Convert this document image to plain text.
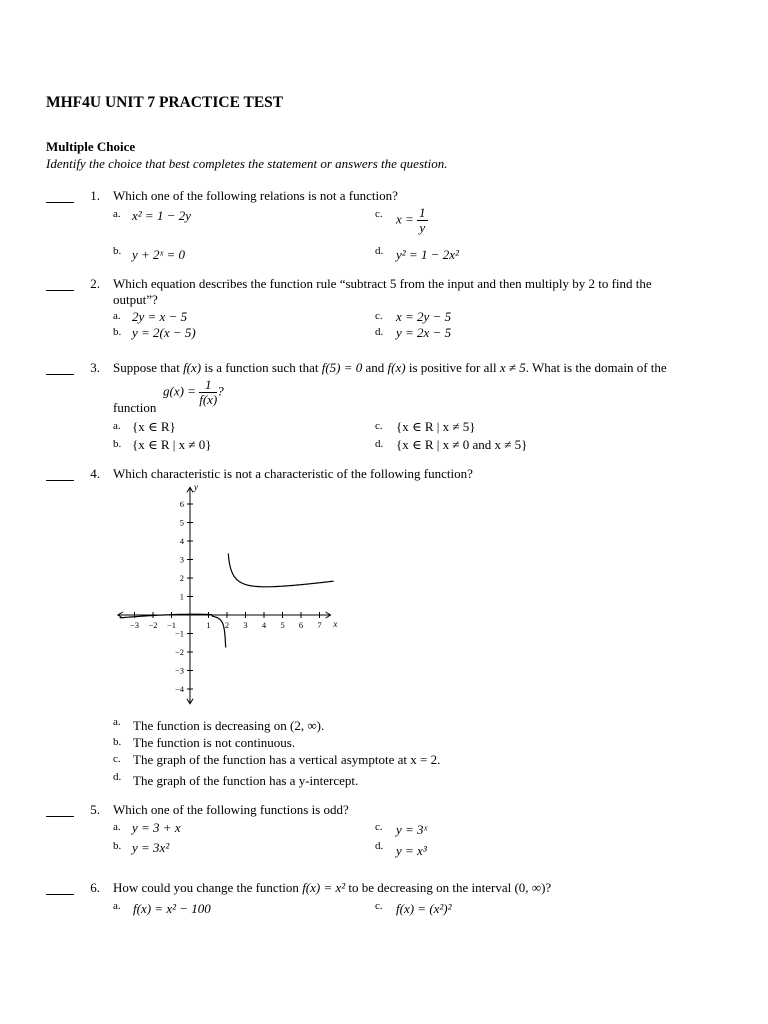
MHF4U UNIT 7 PRACTICE TEST
Multiple Choice
Identify the choice that best completes the statement or answers the question.
1. Which one of the following relations is not a function?
a. x² = 1 − 2y	c. $x = \frac{1}{y}$
b. y + 2ˣ = 0	d. y² = 1 − 2x²
2. Which equation describes the function rule “subtract 5 from the input and then multiply by 2 to find the
output”?
a. 2y = x − 5	c. x = 2y − 5
b. y = 2(x − 5)	d. y = 2x − 5
3. Suppose that f(x) is a function such that f(5) = 0 and f(x) is positive for all x ≠ 5. What is the domain of the
function
$g(x) = \frac{1}{f(x)}$ ?
a. {x ∈ R}	c. {x ∈ R | x ≠ 5}
b. {x ∈ R | x ≠ 0}	d. {x ∈ R | x ≠ 0 and x ≠ 5}
4. Which characteristic is not a characteristic of the following function?
x
y
−3 −2 −1	1 2 3 4 5 6 7
6
5
4
3
2
1
−1
−2
−3
−4
a. The function is decreasing on (2, ∞).
b. The function is not continuous.
c. The graph of the function has a vertical asymptote at x = 2.
d. The graph of the function has a y-intercept.
5. Which one of the following functions is odd?
a. y = 3 + x	c. y = 3ˣ
b. y = 3x²	d. y = x³
6. How could you change the function f(x) = x² to be decreasing on the interval (0, ∞)?
a. f(x) = x² − 100	c. f(x) = (x²)²
